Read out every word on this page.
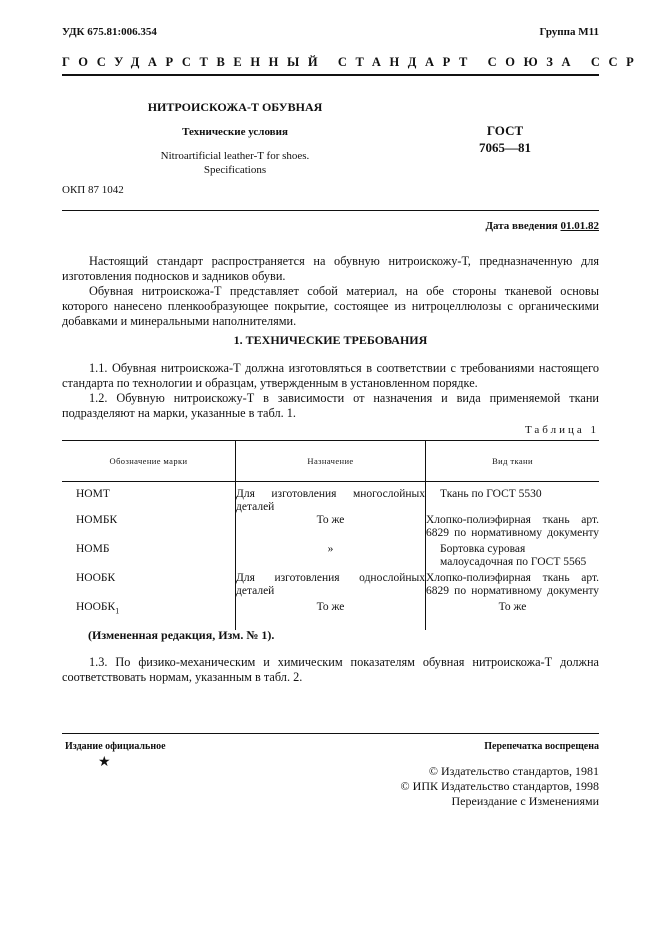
УДК 675.81:006.354	Группа М11
ГОСУДАРСТВЕННЫЙ СТАНДАРТ СОЮЗА ССР
НИТРОИСКОЖА-Т ОБУВНАЯ
Технические условия
Nitroartificial leather-T for shoes.
Specifications
ОКП 87 1042
ГОСТ
7065—81
Дата введения 01.01.82
Настоящий стандарт распространяется на обувную нитроискожу-Т, предназначенную для изготовления подносков и задников обуви.
Обувная нитроискожа-Т представляет собой материал, на обе стороны тканевой основы которого нанесено пленкообразующее покрытие, состоящее из нитроцеллюлозы с органическими добавками и минеральными наполнителями.
1. ТЕХНИЧЕСКИЕ ТРЕБОВАНИЯ
1.1. Обувная нитроискожа-Т должна изготовляться в соответствии с требованиями настоящего стандарта по технологии и образцам, утвержденным в установленном порядке.
1.2. Обувную нитроискожу-Т в зависимости от назначения и вида применяемой ткани подразделяют на марки, указанные в табл. 1.
Таблица 1
Обозначение марки	Назначение	Вид ткани
НОМТ	Для изготовления многослойных деталей	Ткань по ГОСТ 5530
НОМБК	То же	Хлопко-полиэфирная ткань арт. 6829 по нормативному документу
НОМБ	»	Бортовка суровая малоусадочная по ГОСТ 5565
НООБК	Для изготовления однослойных деталей	Хлопко-полиэфирная ткань арт. 6829 по нормативному документу
$НООБК_1$	То же	То же
(Измененная редакция, Изм. № 1).
1.3. По физико-механическим и химическим показателям обувная нитроискожа-Т должна соответствовать нормам, указанным в табл. 2.
Издание официальное	Перепечатка воспрещена
★
© Издательство стандартов, 1981
© ИПК Издательство стандартов, 1998
Переиздание с Изменениями
